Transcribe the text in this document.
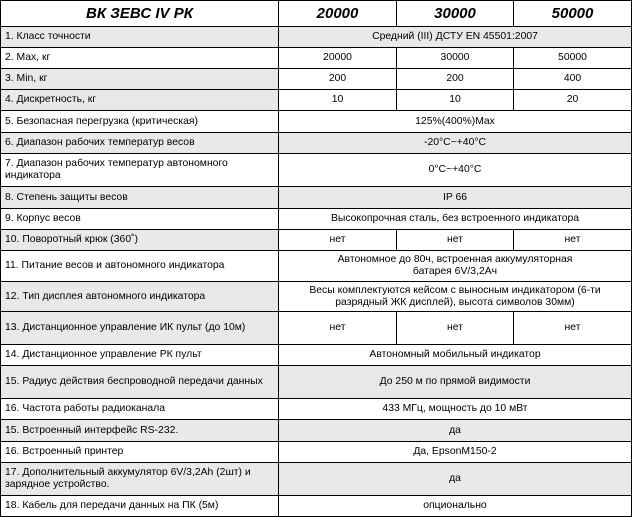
ВК ЗЕВС IV РК	20000	30000	50000
1. Класс точности	Средний (III) ДСТУ EN 45501:2007		
2. Max, кг	20000	30000	50000
3. Min, кг	200	200	400
4. Дискретность, кг	10	10	20
5. Безопасная перегрузка (критическая)	125%(400%)Max		
6. Диапазон рабочих температур весов	-20°C~+40°C		
7. Диапазон рабочих температур автономного индикатора	0°C~+40°C		
8. Степень защиты весов	IP 66		
9. Корпус весов	Высокопрочная сталь, без встроенного индикатора		
10. Поворотный крюк (360˚)	нет	нет	нет
11. Питание весов и автономного индикатора	Автономное до 80ч, встроенная аккумуляторная батарея 6V/3,2Ач		
12. Тип дисплея автономного индикатора	Весы комплектуются кейсом с выносным индикатором (6-ти разрядный ЖК дисплей), высота символов 30мм)		
13. Дистанционное управление ИК пульт (до 10м)	нет	нет	нет
14. Дистанционное управление РК пульт	Автономный мобильный индикатор		
15. Радиус действия беспроводной передачи данных	До 250 м по прямой видимости		
16. Частота работы радиоканала	433 МГц, мощность до 10 мВт		
15. Встроенный интерфейс RS-232.	да		
16. Встроенный принтер	Да, EpsonM150-2		
17. Дополнительный аккумулятор 6V/3,2Ah (2шт) и зарядное устройство.	да		
18. Кабель для передачи данных на ПК (5м)	опционально		
